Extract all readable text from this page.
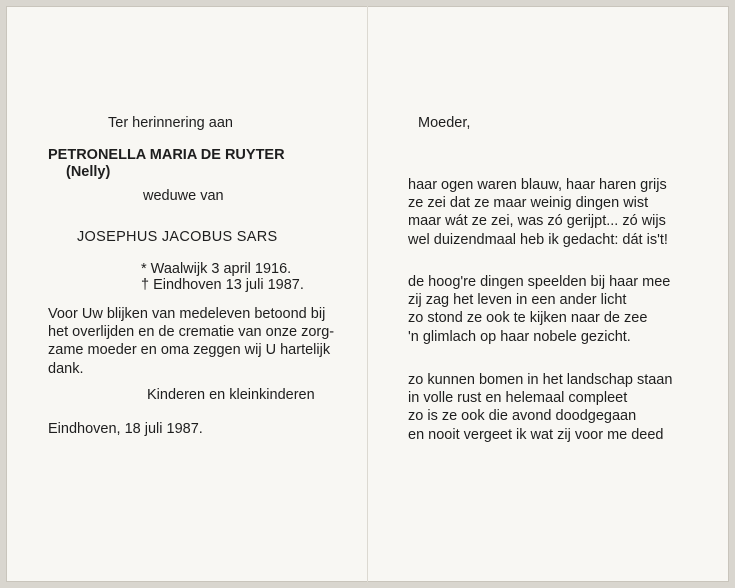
Ter herinnering aan
PETRONELLA MARIA DE RUYTER
(Nelly)
weduwe van
JOSEPHUS JACOBUS SARS
* Waalwijk 3 april 1916.
† Eindhoven 13 juli 1987.
Voor Uw blijken van medeleven betoond bij
het overlijden en de crematie van onze zorg-
zame moeder en oma zeggen wij U hartelijk
dank.
Kinderen en kleinkinderen
Eindhoven, 18 juli 1987.
Moeder,
haar ogen waren blauw, haar haren grijs
ze zei dat ze maar weinig dingen wist
maar wát ze zei, was zó gerijpt... zó wijs
wel duizendmaal heb ik gedacht: dát is't!
de hoog're dingen speelden bij haar mee
zij zag het leven in een ander licht
zo stond ze ook te kijken naar de zee
'n glimlach op haar nobele gezicht.
zo kunnen bomen in het landschap staan
in volle rust en helemaal compleet
zo is ze ook die avond doodgegaan
en nooit vergeet ik wat zij voor me deed
